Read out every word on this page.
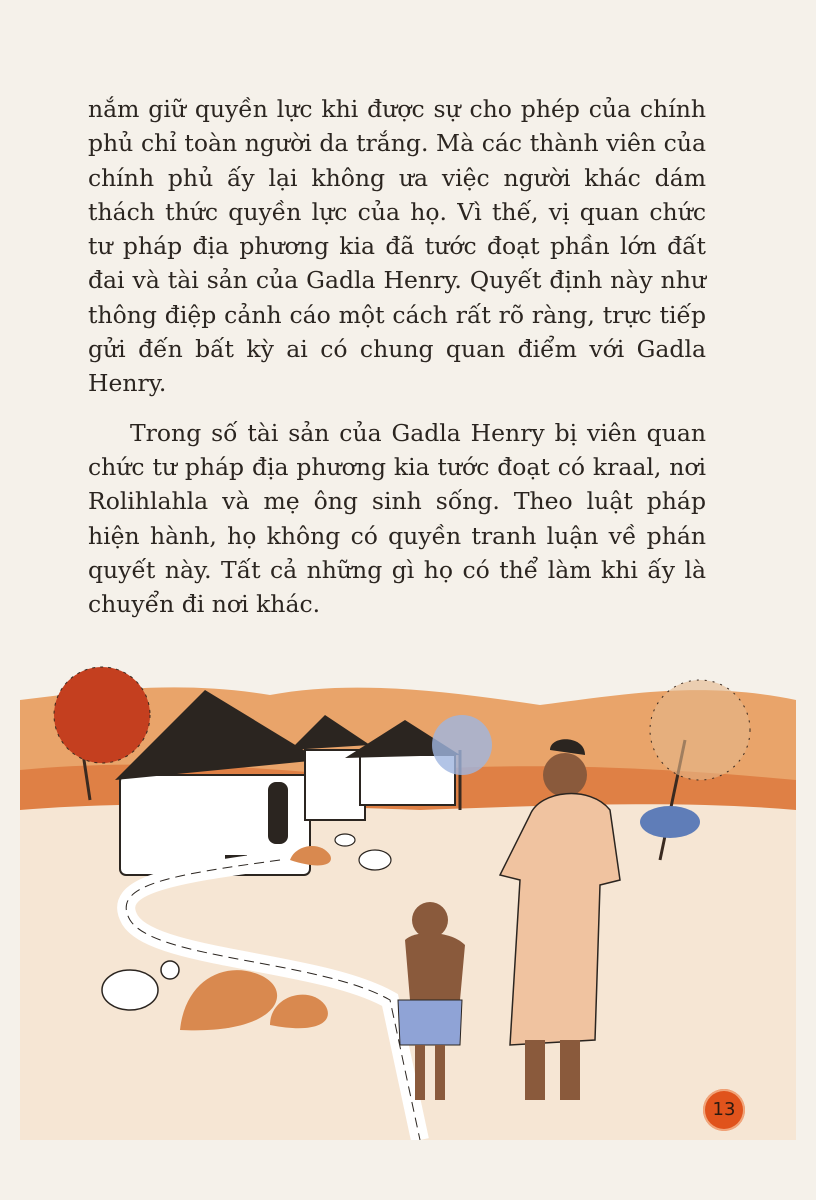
nắm giữ quyền lực khi được sự cho phép của chính phủ chỉ toàn người da trắng. Mà các thành viên của chính phủ ấy lại không ưa việc người khác dám thách thức quyền lực của họ. Vì thế, vị quan chức tư pháp địa phương kia đã tước đoạt phần lớn đất đai và tài sản của Gadla Henry. Quyết định này như thông điệp cảnh cáo một cách rất rõ ràng, trực tiếp gửi đến bất kỳ ai có chung quan điểm với Gadla Henry.

Trong số tài sản của Gadla Henry bị viên quan chức tư pháp địa phương kia tước đoạt có kraal, nơi Rolihlahla và mẹ ông sinh sống. Theo luật pháp hiện hành, họ không có quyền tranh luận về phán quyết này. Tất cả những gì họ có thể làm khi ấy là chuyển đi nơi khác.

13
